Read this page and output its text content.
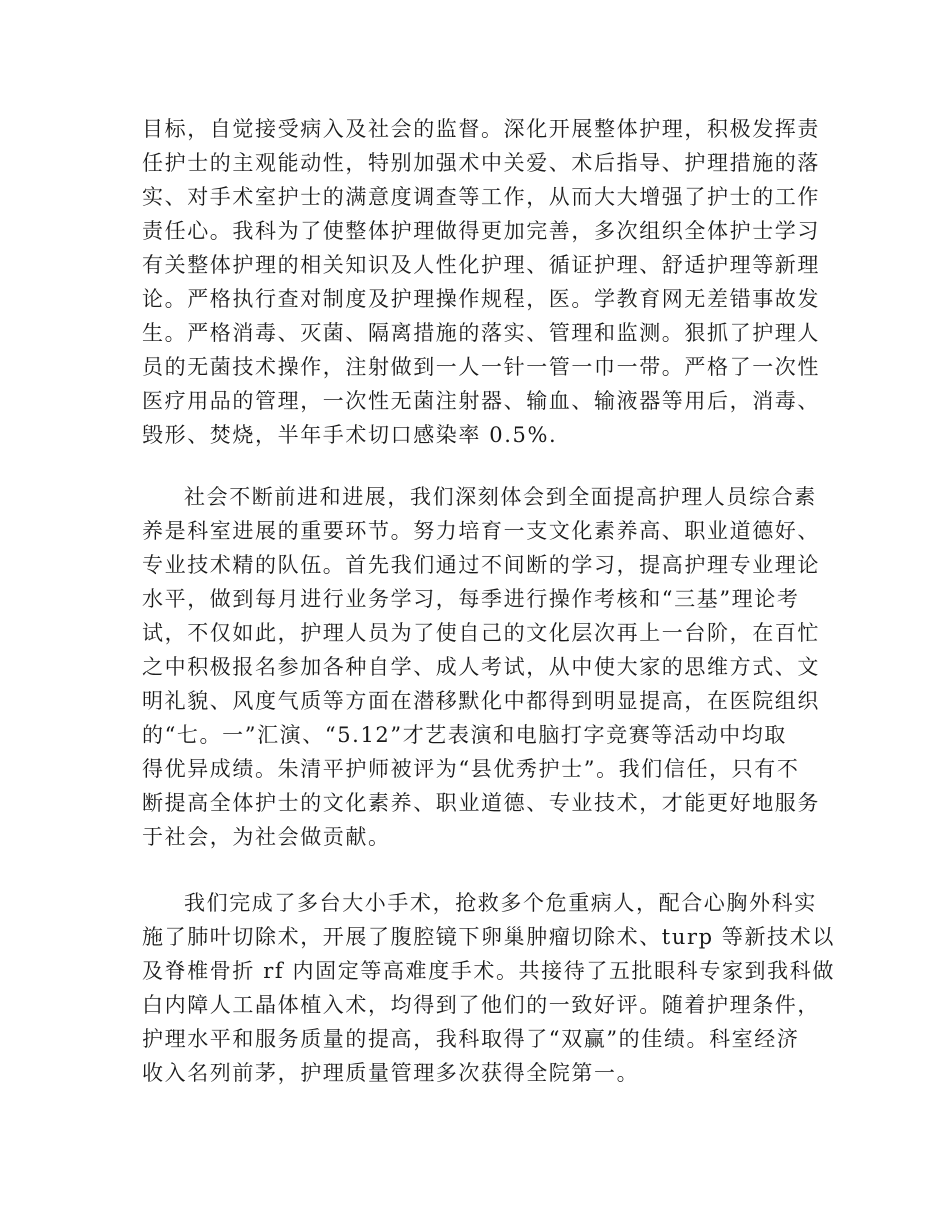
目标，自觉接受病入及社会的监督。深化开展整体护理，积极发挥责
任护士的主观能动性，特别加强术中关爱、术后指导、护理措施的落
实、对手术室护士的满意度调查等工作，从而大大增强了护士的工作
责任心。我科为了使整体护理做得更加完善，多次组织全体护士学习
有关整体护理的相关知识及人性化护理、循证护理、舒适护理等新理
论。严格执行查对制度及护理操作规程，医。学教育网无差错事故发
生。严格消毒、灭菌、隔离措施的落实、管理和监测。狠抓了护理人
员的无菌技术操作，注射做到一人一针一管一巾一带。严格了一次性
医疗用品的管理，一次性无菌注射器、输血、输液器等用后，消毒、
毁形、焚烧，半年手术切口感染率 0.5%.
社会不断前进和进展，我们深刻体会到全面提高护理人员综合素
养是科室进展的重要环节。努力培育一支文化素养高、职业道德好、
专业技术精的队伍。首先我们通过不间断的学习，提高护理专业理论
水平，做到每月进行业务学习，每季进行操作考核和“三基”理论考
试，不仅如此，护理人员为了使自己的文化层次再上一台阶，在百忙
之中积极报名参加各种自学、成人考试，从中使大家的思维方式、文
明礼貌、风度气质等方面在潜移默化中都得到明显提高，在医院组织
的“七。一”汇演、“5.12”才艺表演和电脑打字竞赛等活动中均取
得优异成绩。朱清平护师被评为“县优秀护士”。我们信任，只有不
断提高全体护士的文化素养、职业道德、专业技术，才能更好地服务
于社会，为社会做贡献。
我们完成了多台大小手术，抢救多个危重病人，配合心胸外科实
施了肺叶切除术，开展了腹腔镜下卵巢肿瘤切除术、turp 等新技术以
及脊椎骨折 rf 内固定等高难度手术。共接待了五批眼科专家到我科做
白内障人工晶体植入术，均得到了他们的一致好评。随着护理条件，
护理水平和服务质量的提高，我科取得了“双赢”的佳绩。科室经济
收入名列前茅，护理质量管理多次获得全院第一。
